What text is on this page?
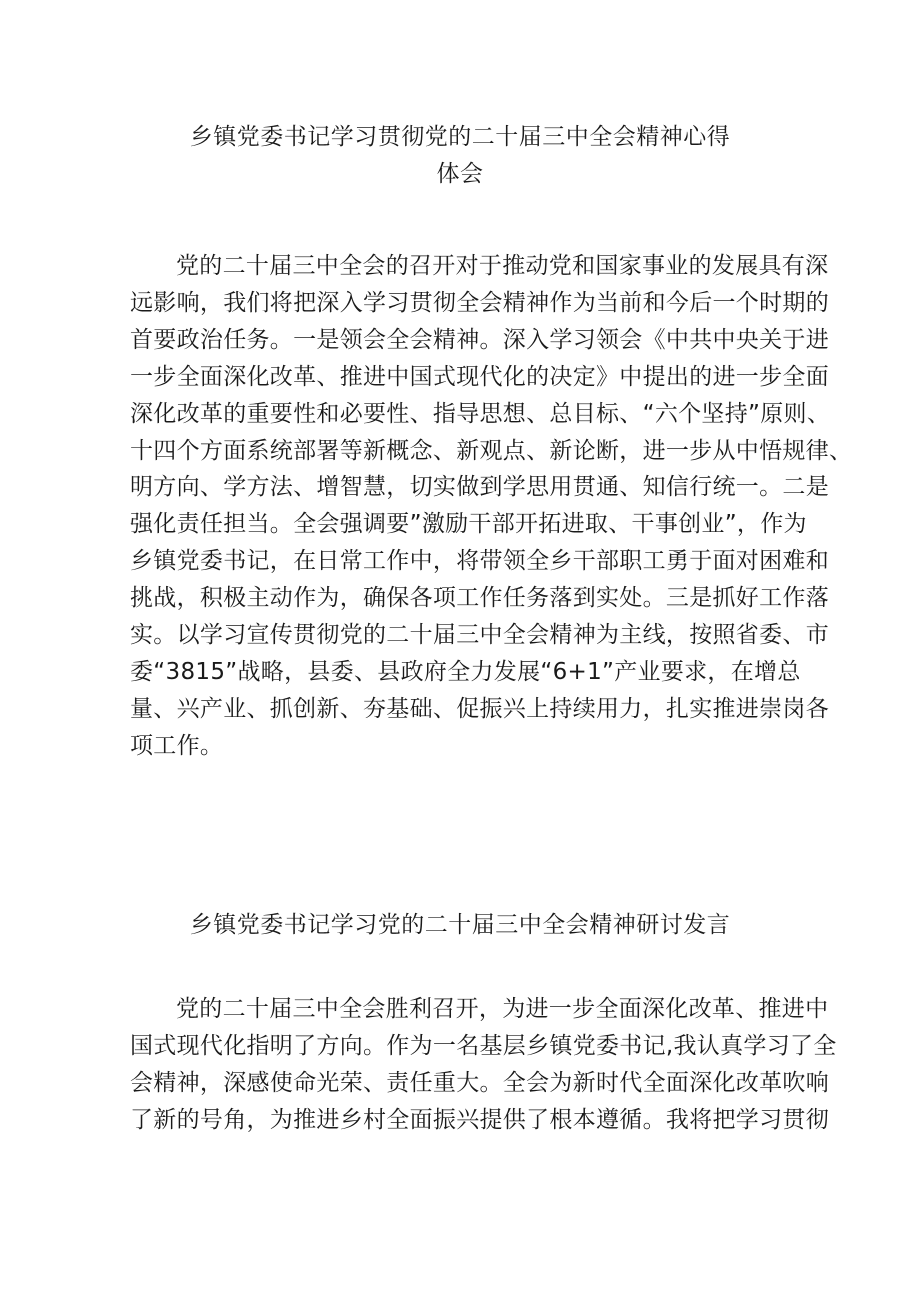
乡镇党委书记学习贯彻党的二十届三中全会精神心得
体会
党的二十届三中全会的召开对于推动党和国家事业的发展具有深
远影响，我们将把深入学习贯彻全会精神作为当前和今后一个时期的
首要政治任务。一是领会全会精神。深入学习领会《中共中央关于进
一步全面深化改革、推进中国式现代化的决定》中提出的进一步全面
深化改革的重要性和必要性、指导思想、总目标、“六个坚持”原则、
十四个方面系统部署等新概念、新观点、新论断，进一步从中悟规律、
明方向、学方法、增智慧，切实做到学思用贯通、知信行统一。二是
强化责任担当。全会强调要”激励干部开拓进取、干事创业”，作为
乡镇党委书记，在日常工作中，将带领全乡干部职工勇于面对困难和
挑战，积极主动作为，确保各项工作任务落到实处。三是抓好工作落
实。以学习宣传贯彻党的二十届三中全会精神为主线，按照省委、市
委“3815”战略，县委、县政府全力发展“6+1”产业要求，在增总
量、兴产业、抓创新、夯基础、促振兴上持续用力，扎实推进崇岗各
项工作。
乡镇党委书记学习党的二十届三中全会精神研讨发言
党的二十届三中全会胜利召开，为进一步全面深化改革、推进中
国式现代化指明了方向。作为一名基层乡镇党委书记,我认真学习了全
会精神，深感使命光荣、责任重大。全会为新时代全面深化改革吹响
了新的号角，为推进乡村全面振兴提供了根本遵循。我将把学习贯彻
